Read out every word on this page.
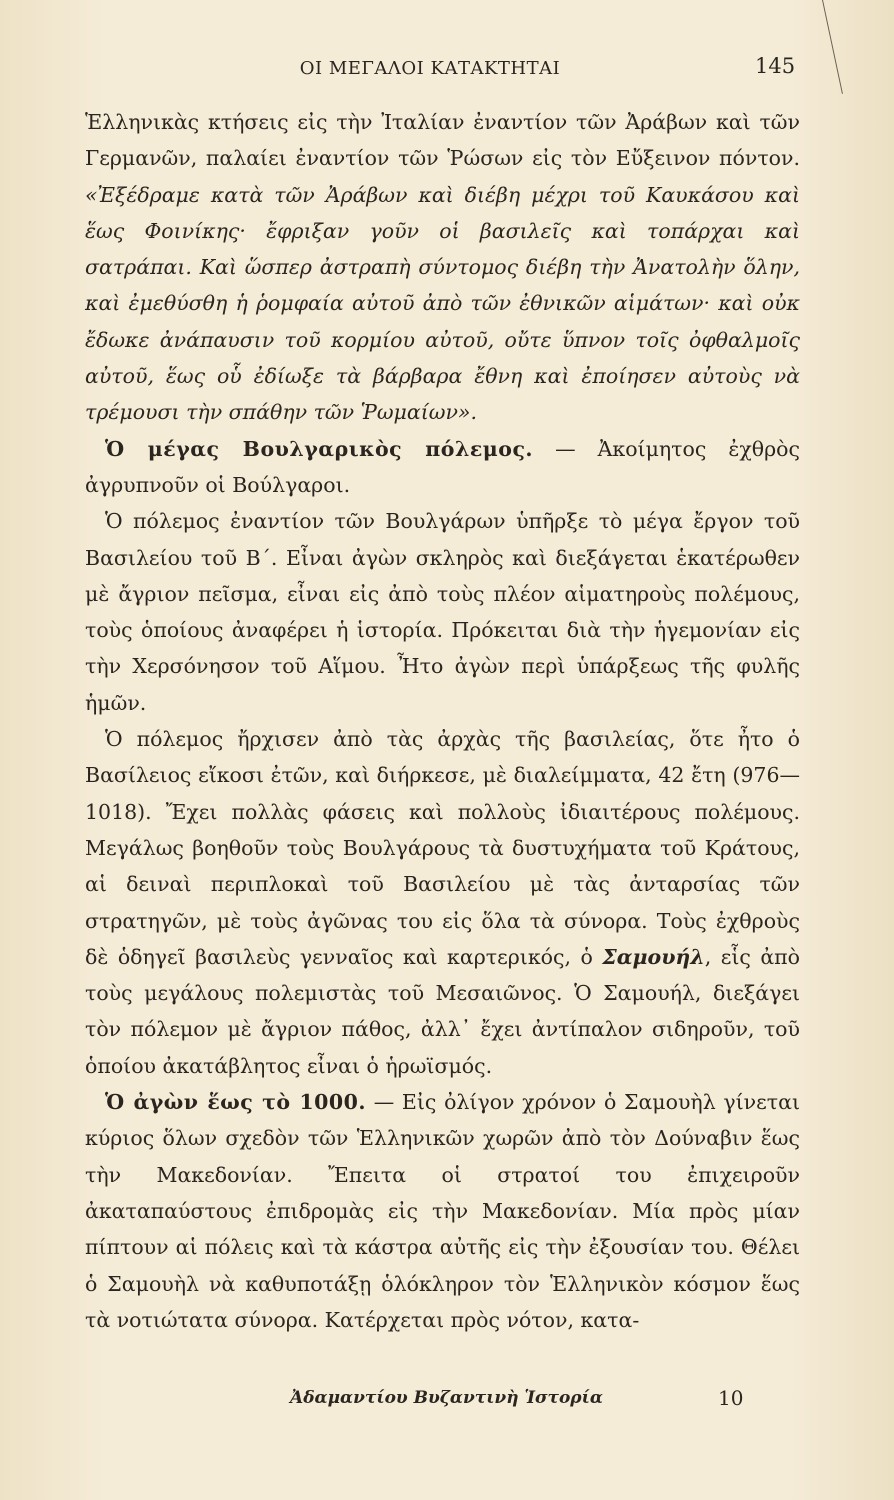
ΟΙ ΜΕΓΑΛΟΙ ΚΑΤΑΚΤΗΤΑΙ	145

Ἑλληνικὰς κτήσεις εἰς τὴν Ἰταλίαν ἐναντίον τῶν Ἀράβων καὶ τῶν Γερμανῶν, παλαίει ἐναντίον τῶν Ῥώσων εἰς τὸν Εὔξεινον πόντον. «Ἐξέδραμε κατὰ τῶν Ἀράβων καὶ διέβη μέχρι τοῦ Καυκάσου καὶ ἕως Φοινίκης· ἔφριξαν γοῦν οἱ βασιλεῖς καὶ τοπάρχαι καὶ σατράπαι. Καὶ ὥσπερ ἀστραπὴ σύντομος διέβη τὴν Ἀνατολὴν ὅλην, καὶ ἐμεθύσθη ἡ ῥομφαία αὐτοῦ ἀπὸ τῶν ἐθνικῶν αἱμάτων· καὶ οὐκ ἔδωκε ἀνάπαυσιν τοῦ κορμίου αὐτοῦ, οὔτε ὕπνον τοῖς ὀφθαλμοῖς αὐτοῦ, ἕως οὗ ἐδίωξε τὰ βάρβαρα ἔθνη καὶ ἐποίησεν αὐτοὺς νὰ τρέμουσι τὴν σπάθην τῶν Ῥωμαίων».

Ὁ μέγας Βουλγαρικὸς πόλεμος. — Ἀκοίμητος ἐχθρὸς ἀγρυπνοῦν οἱ Βούλγαροι.

Ὁ πόλεμος ἐναντίον τῶν Βουλγάρων ὑπῆρξε τὸ μέγα ἔργον τοῦ Βασιλείου τοῦ Β΄. Εἶναι ἀγὼν σκληρὸς καὶ διεξάγεται ἑκατέρωθεν μὲ ἄγριον πεῖσμα, εἶναι εἰς ἀπὸ τοὺς πλέον αἱματηροὺς πολέμους, τοὺς ὁποίους ἀναφέρει ἡ ἱστορία. Πρόκειται διὰ τὴν ἡγεμονίαν εἰς τὴν Χερσόνησον τοῦ Αἵμου. Ἦτο ἀγὼν περὶ ὑπάρξεως τῆς φυλῆς ἡμῶν.

Ὁ πόλεμος ἤρχισεν ἀπὸ τὰς ἀρχὰς τῆς βασιλείας, ὅτε ἦτο ὁ Βασίλειος εἴκοσι ἐτῶν, καὶ διήρκεσε, μὲ διαλείμματα, 42 ἔτη (976—1018). Ἔχει πολλὰς φάσεις καὶ πολλοὺς ἰδιαιτέρους πολέμους. Μεγάλως βοηθοῦν τοὺς Βουλγάρους τὰ δυστυχήματα τοῦ Κράτους, αἱ δειναὶ περιπλοκαὶ τοῦ Βασιλείου μὲ τὰς ἀνταρσίας τῶν στρατηγῶν, μὲ τοὺς ἀγῶνας του εἰς ὅλα τὰ σύνορα. Τοὺς ἐχθροὺς δὲ ὁδηγεῖ βασιλεὺς γενναῖος καὶ καρτερικός, ὁ Σαμουήλ, εἷς ἀπὸ τοὺς μεγάλους πολεμιστὰς τοῦ Μεσαιῶνος. Ὁ Σαμουήλ, διεξάγει τὸν πόλεμον μὲ ἄγριον πάθος, ἀλλ᾽ ἔχει ἀντίπαλον σιδηροῦν, τοῦ ὁποίου ἀκατάβλητος εἶναι ὁ ἡρωϊσμός.

Ὁ ἀγὼν ἕως τὸ 1000. — Εἰς ὀλίγον χρόνον ὁ Σαμουὴλ γίνεται κύριος ὅλων σχεδὸν τῶν Ἑλληνικῶν χωρῶν ἀπὸ τὸν Δούναβιν ἕως τὴν Μακεδονίαν. Ἔπειτα οἱ στρατοί του ἐπιχειροῦν ἀκαταπαύστους ἐπιδρομὰς εἰς τὴν Μακεδονίαν. Μία πρὸς μίαν πίπτουν αἱ πόλεις καὶ τὰ κάστρα αὐτῆς εἰς τὴν ἐξουσίαν του. Θέλει ὁ Σαμουὴλ νὰ καθυποτάξῃ ὁλόκληρον τὸν Ἑλληνικὸν κόσμον ἕως τὰ νοτιώτατα σύνορα. Κατέρχεται πρὸς νότον, κατα-

Ἀδαμαντίου Βυζαντινὴ Ἱστορία	10
